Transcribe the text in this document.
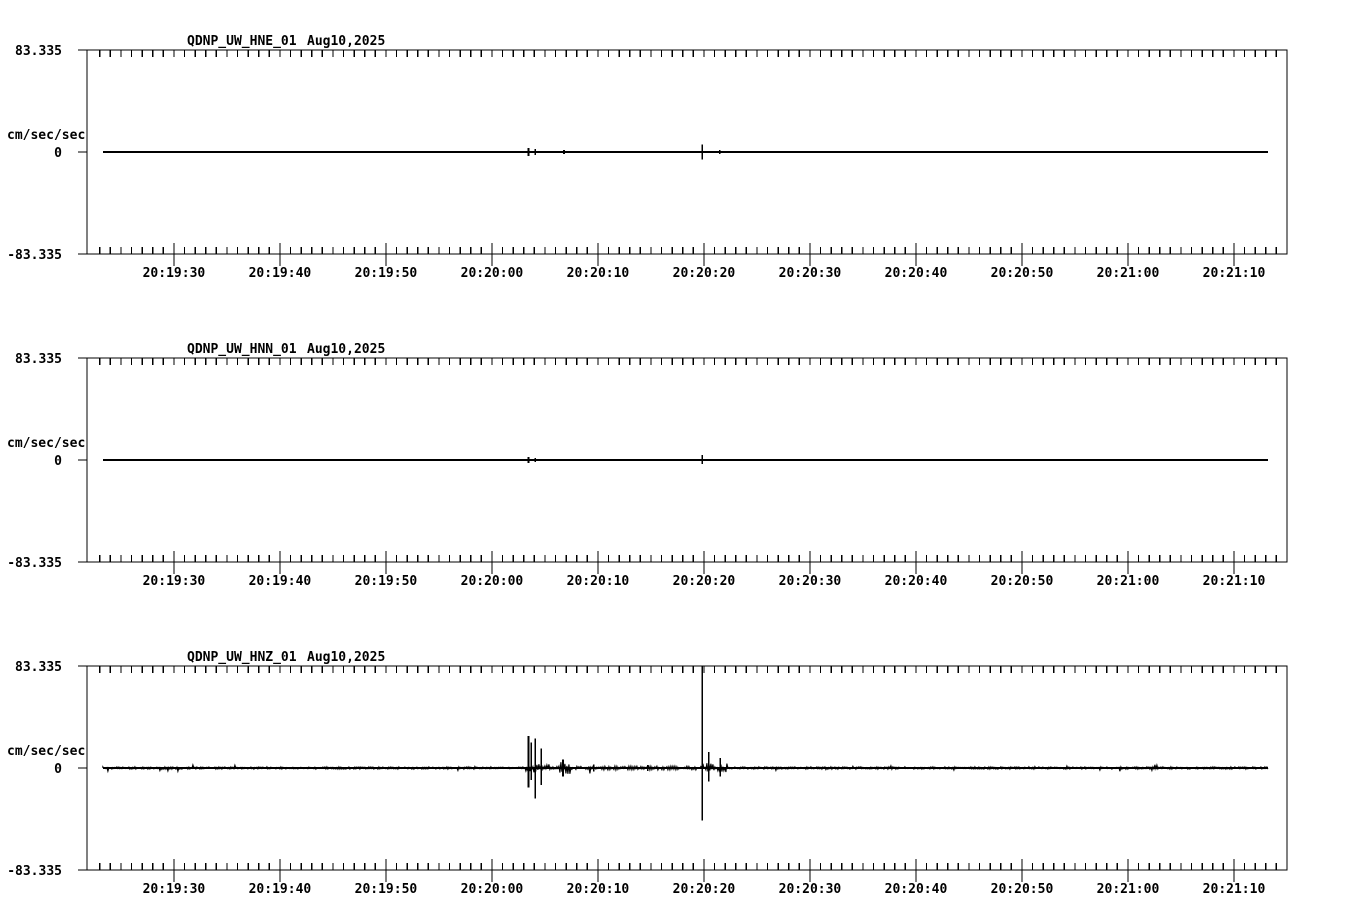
QDNP_UW_HNE_01 Aug10,2025
83.335
cm/sec/sec
0
-83.335
20:19:30	20:19:40	20:19:50	20:20:00	20:20:10	20:20:20	20:20:30	20:20:40	20:20:50	20:21:00	20:21:10
QDNP_UW_HNN_01 Aug10,2025
83.335
cm/sec/sec
0
-83.335
20:19:30	20:19:40	20:19:50	20:20:00	20:20:10	20:20:20	20:20:30	20:20:40	20:20:50	20:21:00	20:21:10
QDNP_UW_HNZ_01 Aug10,2025
83.335
cm/sec/sec
0
-83.335
20:19:30	20:19:40	20:19:50	20:20:00	20:20:10	20:20:20	20:20:30	20:20:40	20:20:50	20:21:00	20:21:10
